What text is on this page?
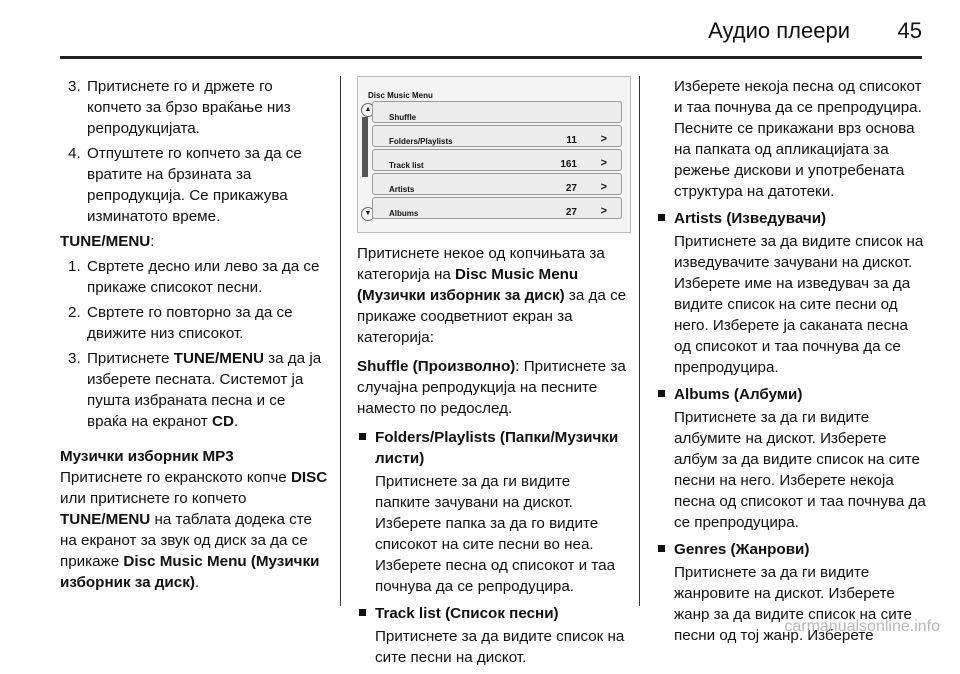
Аудио плеери 45
3. Притиснете го и држете го копчето за брзо враќање низ репродукцијата.
4. Отпуштете го копчето за да се вратите на брзината за репродукција. Се прикажува изминатото време.

TUNE/MENU:

1. Свртете десно или лево за да се прикаже списокот песни.
2. Свртете го повторно за да се движите низ списокот.
3. Притиснете TUNE/MENU за да ја изберете песната. Системот ја пушта избраната песна и се враќа на екранот CD.

Музички изборник MP3

Притиснете го екранското копче DISC или притиснете го копчето TUNE/MENU на таблата додека сте на екранот за звук од диск за да се прикаже Disc Music Menu (Музички изборник за диск).

Disc Music Menu
▲
▼
Shuffle
Folders/Playlists	11 >
Track list	161 >
Artists	27 >
Albums	27 >

Притиснете некое од копчињата за категорија на Disc Music Menu (Музички изборник за диск) за да се прикаже соодветниот екран за категорија:

Shuffle (Произволно): Притиснете за случајна репродукција на песните наместо по редослед.

Folders/Playlists (Папки/Музички листи)
Притиснете за да ги видите папките зачувани на дискот. Изберете папка за да го видите списокот на сите песни во неа. Изберете песна од списокот и таа почнува да се репродуцира.
Track list (Список песни)
Притиснете за да видите список на сите песни на дискот.
Изберете некоја песна од списокот и таа почнува да се препродуцира. Песните се прикажани врз основа на папката од апликацијата за режење дискови и употребената структура на датотеки.
Artists (Изведувачи)
Притиснете за да видите список на изведувачите зачувани на дискот. Изберете име на изведувач за да видите список на сите песни од него. Изберете ја саканата песна од списокот и таа почнува да се препродуцира.
Albums (Албуми)
Притиснете за да ги видите албумите на дискот. Изберете албум за да видите список на сите песни на него. Изберете некоја песна од списокот и таа почнува да се препродуцира.
Genres (Жанрови)
Притиснете за да ги видите жанровите на дискот. Изберете жанр за да видите список на сите песни од тој жанр. Изберете
carmanualsonline.info
